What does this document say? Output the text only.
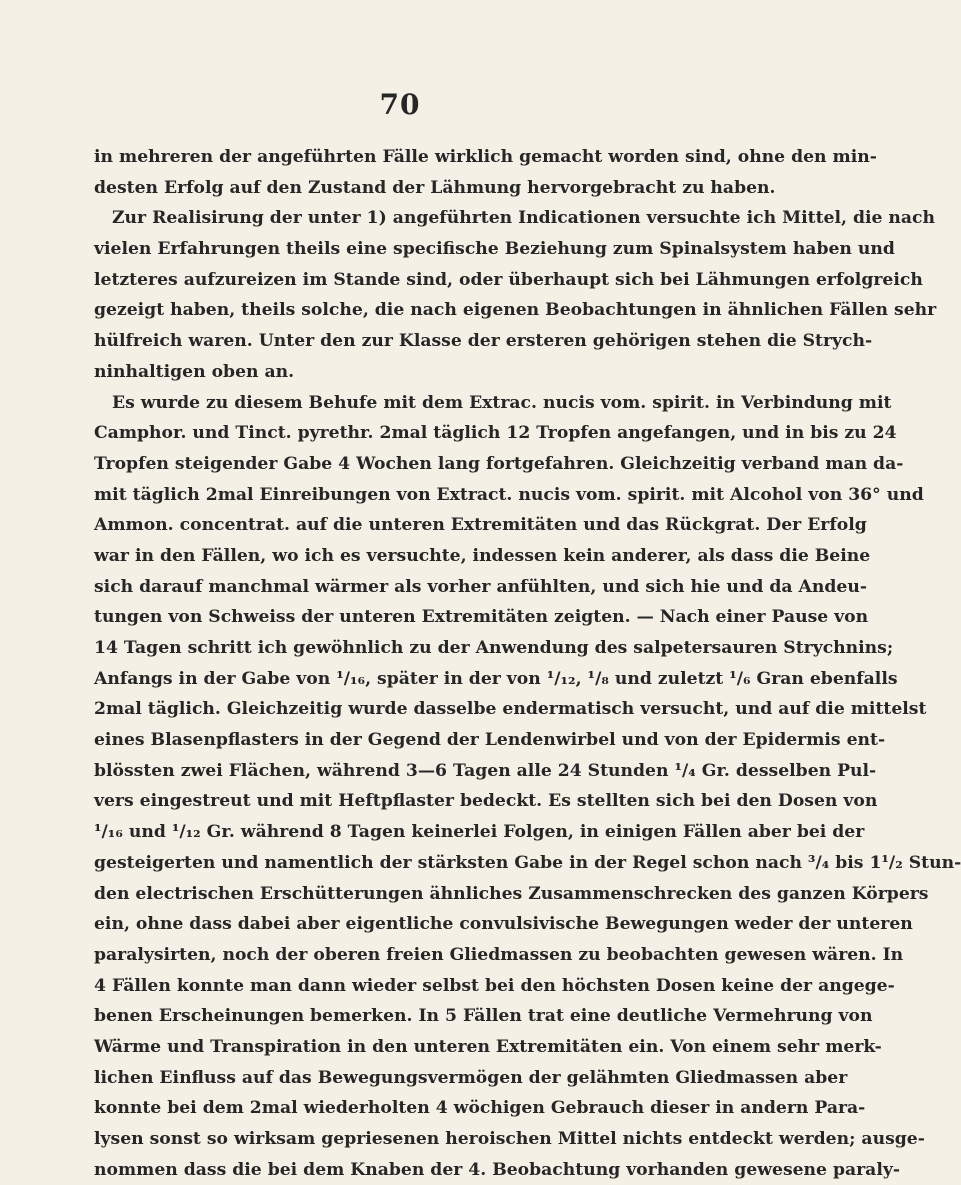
70
in mehreren der angeführten Fälle wirklich gemacht worden sind, ohne den min-
desten Erfolg auf den Zustand der Lähmung hervorgebracht zu haben.
Zur Realisirung der unter 1) angeführten Indicationen versuchte ich Mittel, die nach
vielen Erfahrungen theils eine specifische Beziehung zum Spinalsystem haben und
letzteres aufzureizen im Stande sind, oder überhaupt sich bei Lähmungen erfolgreich
gezeigt haben, theils solche, die nach eigenen Beobachtungen in ähnlichen Fällen sehr
hülfreich waren. Unter den zur Klasse der ersteren gehörigen stehen die Strych-
ninhaltigen oben an.
Es wurde zu diesem Behufe mit dem Extrac. nucis vom. spirit. in Verbindung mit
Camphor. und Tinct. pyrethr. 2mal täglich 12 Tropfen angefangen, und in bis zu 24
Tropfen steigender Gabe 4 Wochen lang fortgefahren. Gleichzeitig verband man da-
mit täglich 2mal Einreibungen von Extract. nucis vom. spirit. mit Alcohol von 36° und
Ammon. concentrat. auf die unteren Extremitäten und das Rückgrat. Der Erfolg
war in den Fällen, wo ich es versuchte, indessen kein anderer, als dass die Beine
sich darauf manchmal wärmer als vorher anfühlten, und sich hie und da Andeu-
tungen von Schweiss der unteren Extremitäten zeigten. — Nach einer Pause von
14 Tagen schritt ich gewöhnlich zu der Anwendung des salpetersauren Strychnins;
Anfangs in der Gabe von ¹/₁₆, später in der von ¹/₁₂, ¹/₈ und zuletzt ¹/₆ Gran ebenfalls
2mal täglich. Gleichzeitig wurde dasselbe endermatisch versucht, und auf die mittelst
eines Blasenpflasters in der Gegend der Lendenwirbel und von der Epidermis ent-
blössten zwei Flächen, während 3—6 Tagen alle 24 Stunden ¹/₄ Gr. desselben Pul-
vers eingestreut und mit Heftpflaster bedeckt. Es stellten sich bei den Dosen von
¹/₁₆ und ¹/₁₂ Gr. während 8 Tagen keinerlei Folgen, in einigen Fällen aber bei der
gesteigerten und namentlich der stärksten Gabe in der Regel schon nach ³/₄ bis 1¹/₂ Stun-
den electrischen Erschütterungen ähnliches Zusammenschrecken des ganzen Körpers
ein, ohne dass dabei aber eigentliche convulsivische Bewegungen weder der unteren
paralysirten, noch der oberen freien Gliedmassen zu beobachten gewesen wären. In
4 Fällen konnte man dann wieder selbst bei den höchsten Dosen keine der angege-
benen Erscheinungen bemerken. In 5 Fällen trat eine deutliche Vermehrung von
Wärme und Transpiration in den unteren Extremitäten ein. Von einem sehr merk-
lichen Einfluss auf das Bewegungsvermögen der gelähmten Gliedmassen aber
konnte bei dem 2mal wiederholten 4 wöchigen Gebrauch dieser in andern Para-
lysen sonst so wirksam gepriesenen heroischen Mittel nichts entdeckt werden; ausge-
nommen dass die bei dem Knaben der 4. Beobachtung vorhanden gewesene paraly-
